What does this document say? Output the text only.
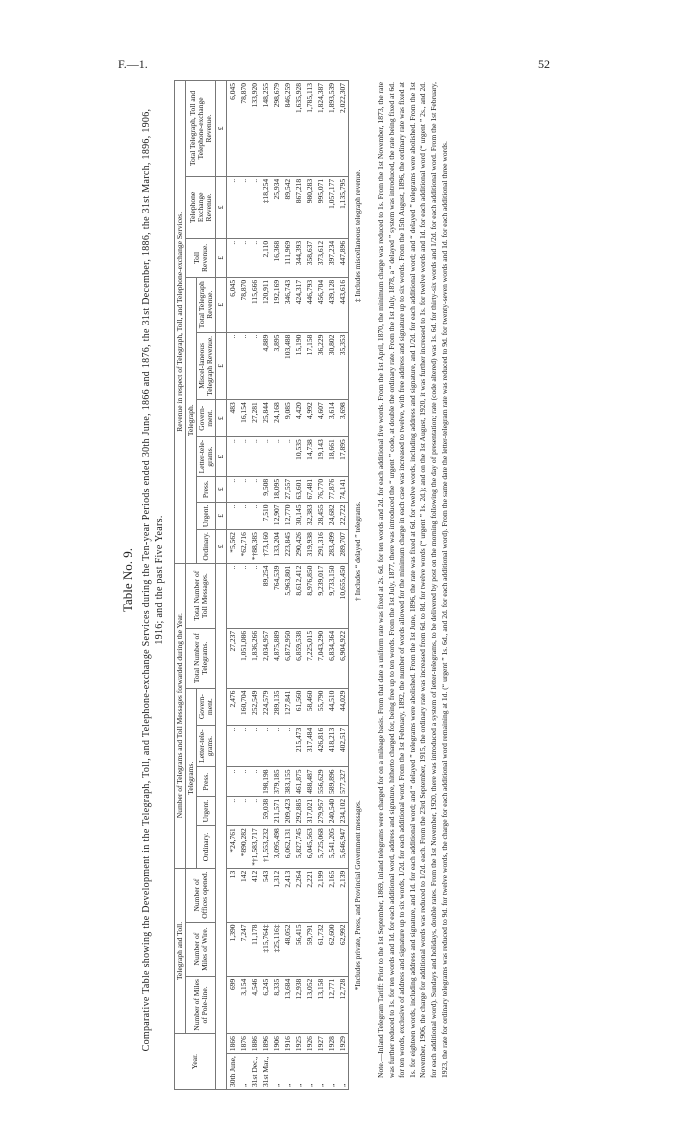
F.—1.	52
Table No. 9. Comparative Table showing the Development in the Telegraph, Toll, and Telephone-exchange Services during the Ten-year Periods ended 30th June, 1866 and 1876, the 31st December, 1886, the 31st March, 1896, 1906, 1916; and the past Five Years.
Year.		Telegraph and Toll.			Number of Telegrams and Toll Messages forwarded during the Year.							Revenue in respect of Telegraph, Toll, and Telephone-exchange Services.									
		Number of Miles of Pole-line.	Number of Miles of Wire.	Number of Offices opened.	Telegrams.					Total Number of Telegrams.	Total Number of Toll Messages.	Telegraph.							Toll Revenue.	Telephone Exchange Revenue.	Total Telegraph, Toll and Telephone-exchange Revenue.
					Ordinary.	Urgent.	Press.	Letter-tele-grams.	Govern-ment.			Ordinary.	Urgent.	Press.	Letter-tele-grams.	Govern-ment.	Miscel-laneous Telegraph Revenue.	Total Telegraph Revenue.			
												£	£	£	£	£	£	£	£	£	£
30th June,	1866	699	1,390	13	*24,761	..	..	..	2,476	27,237	..	*5,562	..	..	..	483	..	6,045	..	..	6,045
„	1876	3,154	7,247	142	*890,282	..	..	..	160,704	1,051,086	..	*62,716	..	..	..	16,154	..	78,870	..	..	78,870
31st Dec.,	1886	4,546	11,178	412	*†1,583,717	..	..	..	252,549	1,836,266	..	*†88,385	..	..	..	27,281	..	115,666	..	..	133,920
31st Mar.,	1896	6,245	‡15,764‡	543	†1,553,232	59,038	198,198	..	224,579	2,034,957	89,254	†73,160	7,510	9,508	..	25,844	4,889	120,911	2,110	‡18,254	148,255
„	1906	8,335	‡25,116‡	1,312	3,095,498	211,571	379,185	..	289,135	4,875,889	764,539	133,204	12,907	18,095	..	24,168	3,895	192,169	16,368	25,934	298,679
„	1916	13,684	48,052	2,413	6,062,131	209,423	383,155	..	127,841	6,872,950	5,963,801	223,845	12,770	27,557	..	9,085	103,488	346,743	111,969	89,542	846,259
„	1925	12,938	56,415	2,264	5,827,745	292,885	461,875	215,473	61,560	6,859,538	8,612,412	290,426	30,145	63,601	10,535	4,420	15,190	424,317	344,393	867,218	1,635,928
„	1926	13,052	59,791	2,221	6,045,563	317,021	488,487	317,484	58,460	7,225,015	8,976,850	319,938	32,383	67,481	14,738	4,992	17,158	446,793	358,637	980,283	1,785,113
„	1927	13,158	61,732	2,199	5,725,068	279,957	556,629	426,816	55,790	7,043,290	9,239,017	291,316	28,455	76,770	19,143	4,607	36,229	456,704	373,612	995,071	1,824,387
„	1928	12,771	62,600	2,165	5,541,205	240,540	589,896	418,213	44,510	6,834,364	9,733,150	283,499	24,682	77,876	18,661	3,614	30,802	439,128	397,234	1,057,177	1,893,539
„	1929	12,728	62,992	2,139	5,646,947	234,102	577,327	402,517	44,029	6,904,922	10,655,450	289,707	22,722	74,141	17,895	3,698	35,353	443,616	447,896	1,135,795	2,022,307
*Includes private, Press, and Provincial Government messages.
† Includes “ delayed ” telegrams.
‡ Includes miscellaneous telegraph revenue. Note.—Inland Telegram Tariff: Prior to the 1st September, 1869, inland telegrams were charged for on a mileage basis. From that date a uniform rate was fixed at 2s. 6d. for ten words and 2d. for each additional five words. From the 1st April, 1870, the minimum charge was reduced to 1s. From the 1st November, 1873, the rate was further reduced to 1s. for ten words and 1d. for each additional word, address and signature, hitherto charged for, being free up to ten words. From the 1st July, 1877, there was introduced the “ urgent ” code, at double the ordinary rate. From the 1st July, 1878, a “ delayed ” system was introduced, the rate being fixed at 6d. for ten words, exclusive of address and signature up to six words, 1/2d. for each additional word. From the 1st February, 1892, the number of words allowed for the minimum charge in each case was increased to twelve, with free address and signature up to six words. From the 15th August, 1896, the ordinary rate was fixed at 1s. for eighteen words, including address and signature, and 1d. for each additional word; and “ delayed ” telegrams were abolished. From the 1st June, 1896, the rate was fixed at 6d. for twelve words, including address and signature, and 1/2d. for each additional word; and “ delayed ” telegrams were abolished. From the 1st November, 1906, the charge for additional words was reduced to 1/2d. each. From the 23rd September, 1915, the ordinary rate was increased from 6d. to 8d. for twelve words (“ urgent ” 1s. 2d.); and on the 1st August, 1920, it was further increased to 1s. for twelve words and 1d. for each additional word (“ urgent ” 2s., and 2d. for each additional word). Sundays and holidays, double rates. From the 1st November, 1920, there was introduced a system of letter-telegrams, to be delivered by post on the morning following the day of presentation; rate (code altered) was 1s. 6d. for thirty-six words and 1/2d. for each additional word. From the 1st February, 1923, the rate for ordinary telegrams was reduced to 9d. for twelve words, the charge for each additional word remaining at 1d. (“ urgent ” 1s. 6d., and 2d. for each additional word). From the same date the letter-telegram rate was reduced to 9d. for twenty-seven words and 1d. for each additional three words.
